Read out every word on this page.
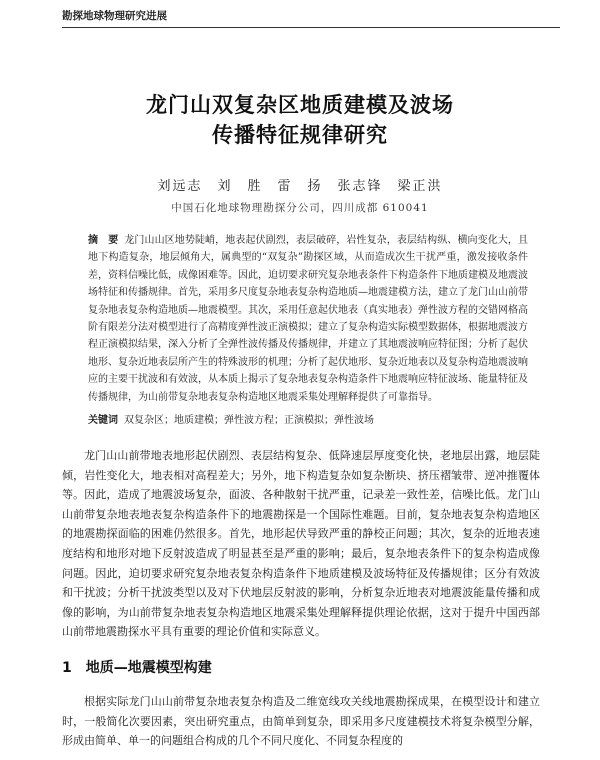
勘探地球物理研究进展
龙门山双复杂区地质建模及波场
传播特征规律研究
刘远志　刘　胜　雷　扬　张志锋　梁正洪
中国石化地球物理勘探分公司，四川成都 610041
摘　要 龙门山山区地势陡峭，地表起伏剧烈，表层破碎，岩性复杂，表层结构纵、横向变化大，且地下构造复杂，地层倾角大，属典型的“双复杂”勘探区域，从而造成次生干扰严重，激发接收条件差，资料信噪比低，成像困难等。因此，迫切要求研究复杂地表条件下构造条件下地质建模及地震波场特征和传播规律。首先，采用多尺度复杂地表复杂构造地质—地震建模方法，建立了龙门山山前带复杂地表复杂构造地质—地震模型。其次，采用任意起伏地表（真实地表）弹性波方程的交错网格高阶有限差分法对模型进行了高精度弹性波正演模拟；建立了复杂构造实际模型数据体，根据地震波方程正演模拟结果，深入分析了全弹性波传播及传播规律，并建立了其地震波响应特征图；分析了起伏地形、复杂近地表层所产生的特殊波形的机理；分析了起伏地形、复杂近地表以及复杂构造地震波响应的主要干扰波和有效波，从本质上揭示了复杂地表复杂构造条件下地震响应特征波场、能量特征及传播规律，为山前带复杂地表复杂构造地区地震采集处理解释提供了可靠指导。
关键词 双复杂区；地质建模；弹性波方程；正演模拟；弹性波场
龙门山山前带地表地形起伏剧烈、表层结构复杂、低降速层厚度变化快，老地层出露，地层陡倾，岩性变化大，地表相对高程差大；另外，地下构造复杂如复杂断块、挤压褶皱带、逆冲推覆体等。因此，造成了地震波场复杂，面波、各种散射干扰严重，记录差一致性差，信噪比低。龙门山山前带复杂地表地表复杂构造条件下的地震勘探是一个国际性难题。目前，复杂地表复杂构造地区的地震勘探面临的困难仍然很多。首先，地形起伏导致严重的静校正问题；其次，复杂的近地表速度结构和地形对地下反射波造成了明显甚至是严重的影响；最后，复杂地表条件下的复杂构造成像问题。因此，迫切要求研究复杂地表复杂构造条件下地质建模及波场特征及传播规律；区分有效波和干扰波；分析干扰波类型以及对下伏地层反射波的影响，分析复杂近地表对地震波能量传播和成像的影响，为山前带复杂地表复杂构造地区地震采集处理解释提供理论依据，这对于提升中国西部山前带地震勘探水平具有重要的理论价值和实际意义。
1 地质—地震模型构建
根据实际龙门山山前带复杂地表复杂构造及二维宽线攻关线地震勘探成果，在模型设计和建立时，一般简化次要因素，突出研究重点，由简单到复杂，即采用多尺度建模技术将复杂模型分解，形成由简单、单一的问题组合构成的几个不同尺度化、不同复杂程度的
